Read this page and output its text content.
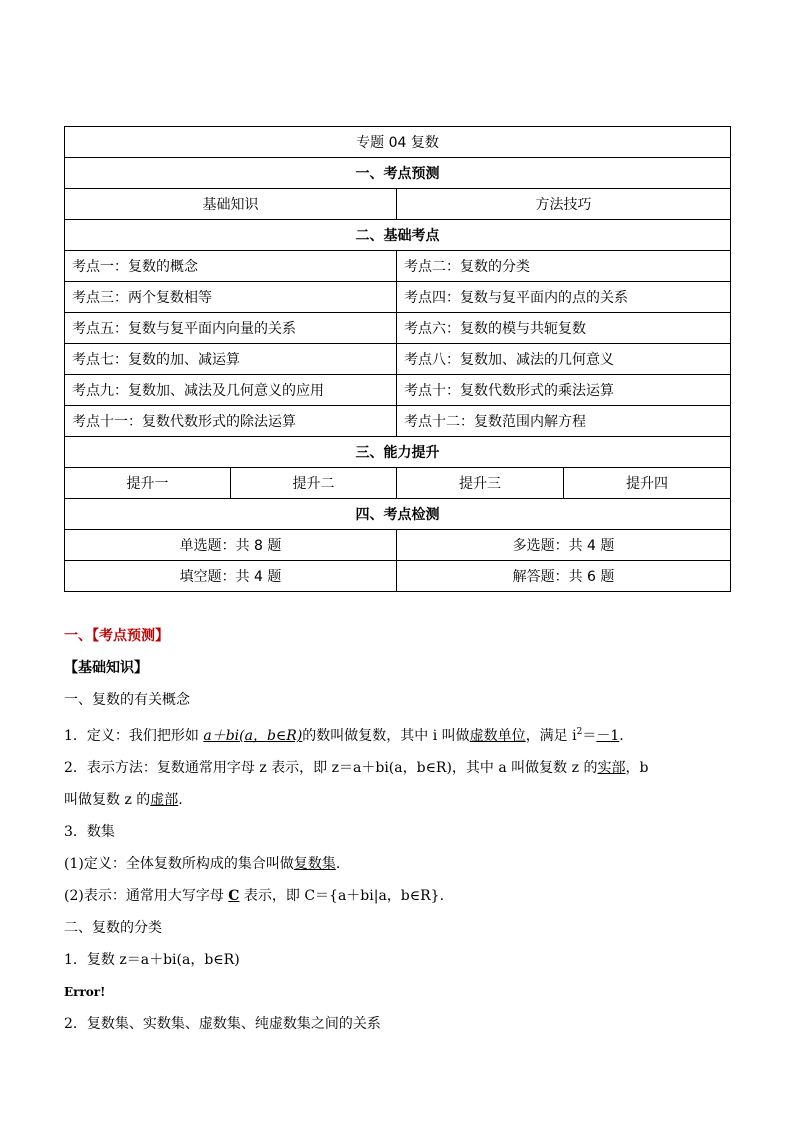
专题 04 复数			
一、考点预测			
基础知识		方法技巧	
二、基础考点			
考点一：复数的概念		考点二：复数的分类	
考点三：两个复数相等		考点四：复数与复平面内的点的关系	
考点五：复数与复平面内向量的关系		考点六：复数的模与共轭复数	
考点七：复数的加、减运算		考点八：复数加、减法的几何意义	
考点九：复数加、减法及几何意义的应用		考点十：复数代数形式的乘法运算	
考点十一：复数代数形式的除法运算		考点十二：复数范围内解方程	
三、能力提升			
提升一	提升二	提升三	提升四
四、考点检测			
单选题：共 8 题		多选题：共 4 题	
填空题：共 4 题		解答题：共 6 题	

一、【考点预测】

【基础知识】

一、复数的有关概念

1．定义：我们把形如 a＋bi(a，b∈R)的数叫做复数，其中 i 叫做虚数单位，满足 $i^2=-1$.

2．表示方法：复数通常用字母 z 表示，即 z＝a＋bi(a，b∈R)，其中 a 叫做复数 z 的实部，b

叫做复数 z 的虚部.

3．数集

(1)定义：全体复数所构成的集合叫做复数集.

(2)表示：通常用大写字母 C 表示，即 C＝{a＋bi|a，b∈R}.

二、复数的分类

1．复数 z＝a＋bi(a，b∈R)

Error!

2．复数集、实数集、虚数集、纯虚数集之间的关系
